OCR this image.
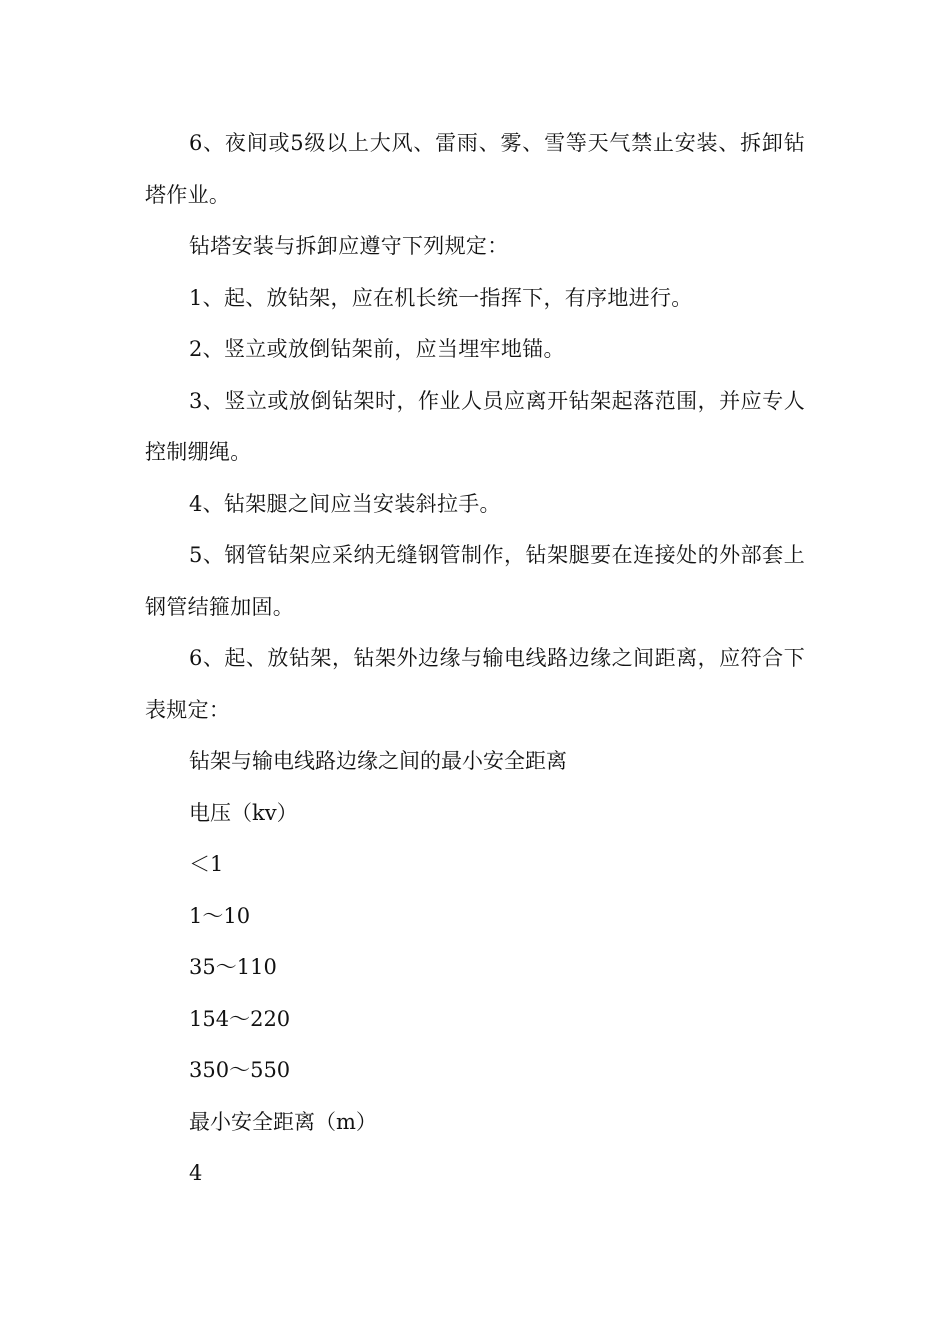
6、夜间或5级以上大风、雷雨、雾、雪等天气禁止安装、拆卸钻塔作业。

钻塔安装与拆卸应遵守下列规定：

1、起、放钻架，应在机长统一指挥下，有序地进行。

2、竖立或放倒钻架前，应当埋牢地锚。

3、竖立或放倒钻架时，作业人员应离开钻架起落范围，并应专人控制绷绳。

4、钻架腿之间应当安装斜拉手。

5、钢管钻架应采纳无缝钢管制作，钻架腿要在连接处的外部套上钢管结箍加固。

6、起、放钻架，钻架外边缘与输电线路边缘之间距离，应符合下表规定：

钻架与输电线路边缘之间的最小安全距离

电压（kv）

＜1

1～10

35～110

154～220

350～550

最小安全距离（m）

4
